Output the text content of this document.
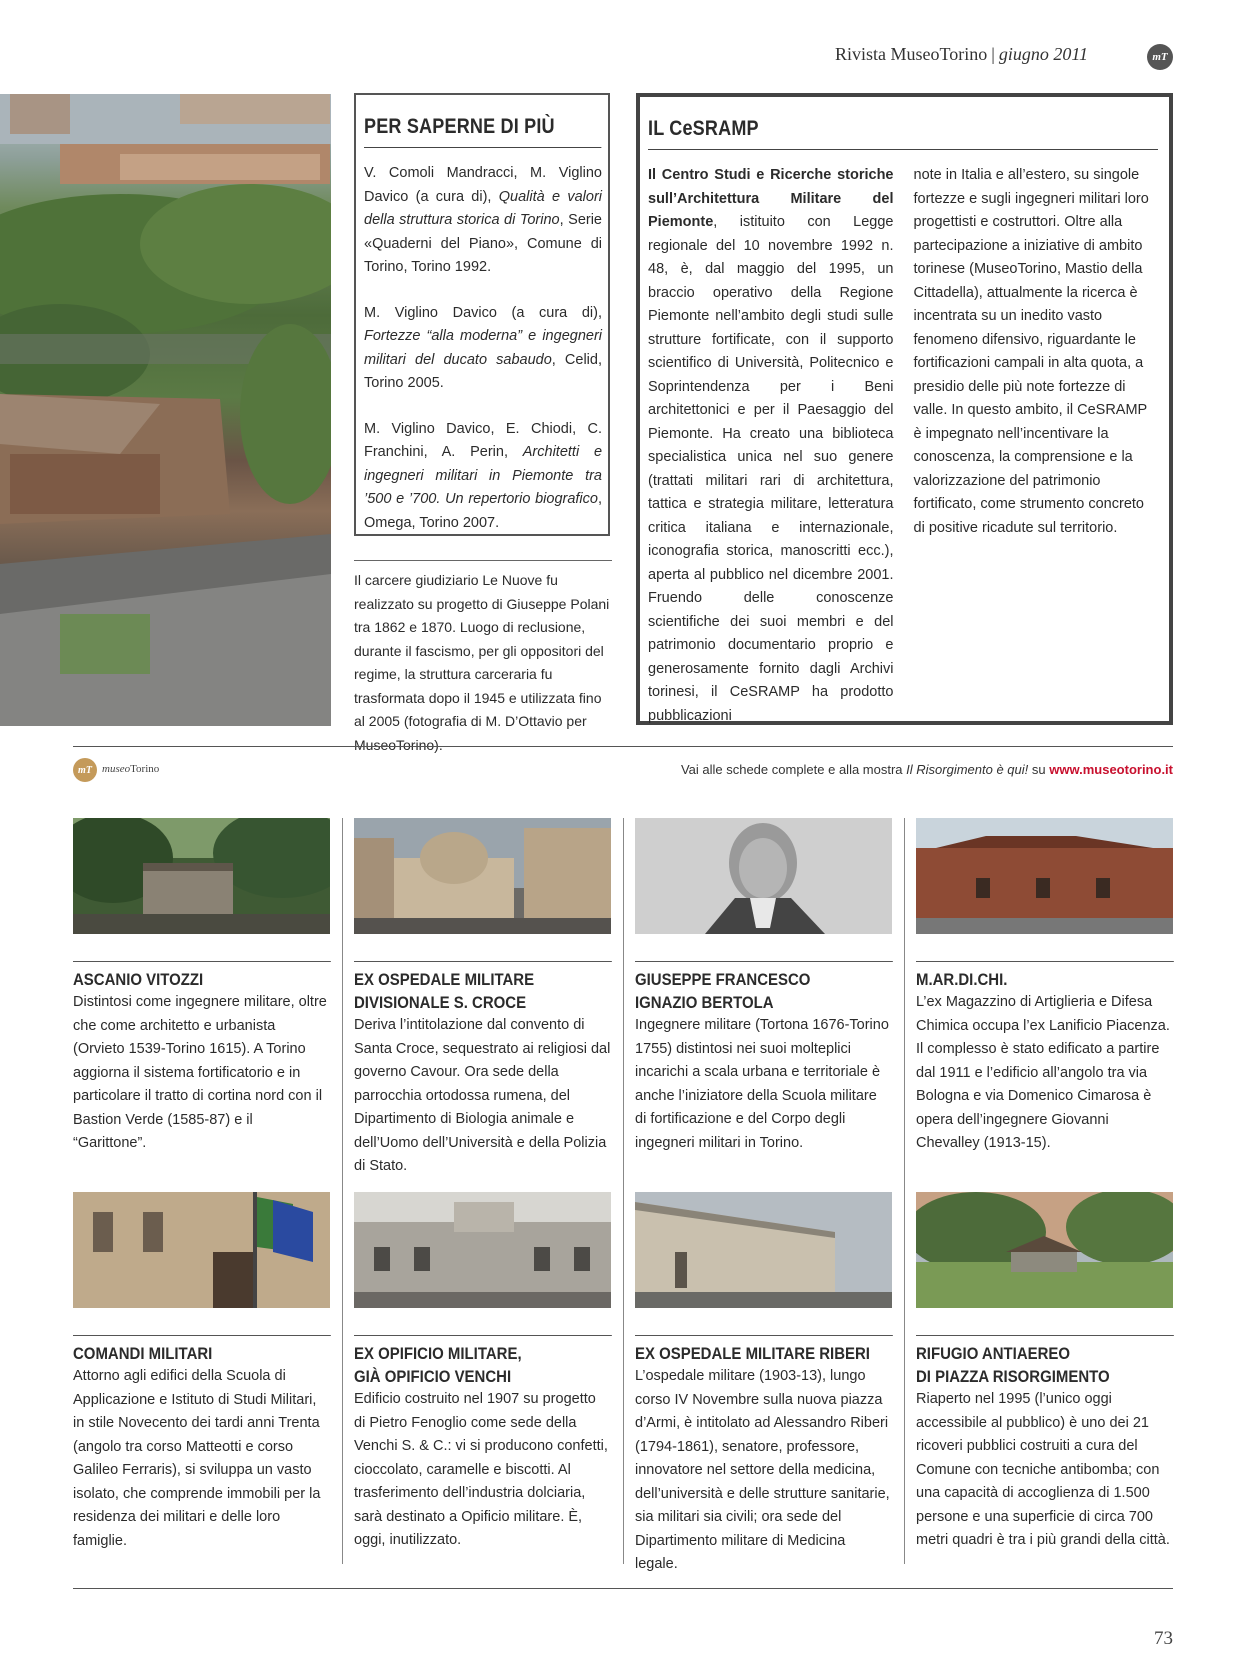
Rivista MuseoTorino | giugno 2011	mT
PER SAPERNE DI PIÙ

V. Comoli Mandracci, M. Viglino Davico (a cura di), Qualità e valori della struttura storica di Torino, Serie «Quaderni del Piano», Comune di Torino, Torino 1992.

M. Viglino Davico (a cura di), Fortezze “alla moderna” e ingegneri militari del ducato sabaudo, Celid, Torino 2005.

M. Viglino Davico, E. Chiodi, C. Franchini, A. Perin, Architetti e ingegneri militari in Piemonte tra ’500 e ’700. Un repertorio biografico, Omega, Torino 2007.

Il carcere giudiziario Le Nuove fu realizzato su progetto di Giuseppe Polani tra 1862 e 1870. Luogo di reclusione, durante il fascismo, per gli oppositori del regime, la struttura carceraria fu trasformata dopo il 1945 e utilizzata fino al 2005 (fotografia di M. D’Ottavio per MuseoTorino).
IL CeSRAMP
Il Centro Studi e Ricerche storiche sull’Architettura Militare del Piemonte, istituito con Legge regionale del 10 novembre 1992 n. 48, è, dal maggio del 1995, un braccio operativo della Regione Piemonte nell’ambito degli studi sulle strutture fortificate, con il supporto scientifico di Università, Politecnico e Soprintendenza per i Beni architettonici e per il Paesaggio del Piemonte. Ha creato una biblioteca specialistica unica nel suo genere (trattati militari rari di architettura, tattica e strategia militare, letteratura critica italiana e internazionale, iconografia storica, manoscritti ecc.), aperta al pubblico nel dicembre 2001. Fruendo delle conoscenze scientifiche dei suoi membri e del patrimonio documentario proprio e generosamente fornito dagli Archivi torinesi, il CeSRAMP ha prodotto pubblicazioni
note in Italia e all’estero, su singole fortezze e sugli ingegneri militari loro progettisti e costruttori. Oltre alla partecipazione a iniziative di ambito torinese (MuseoTorino, Mastio della Cittadella), attualmente la ricerca è incentrata su un inedito vasto fenomeno difensivo, riguardante le fortificazioni campali in alta quota, a presidio delle più note fortezze di valle. In questo ambito, il CeSRAMP è impegnato nell’incentivare la conoscenza, la comprensione e la valorizzazione del patrimonio fortificato, come strumento concreto di positive ricadute sul territorio.
mT museoTorino	Vai alle schede complete e alla mostra Il Risorgimento è qui! su www.museotorino.it
ASCANIO VITOZZI
Distintosi come ingegnere militare, oltre che come architetto e urbanista (Orvieto 1539-Torino 1615). A Torino aggiorna il sistema fortificatorio e in particolare il tratto di cortina nord con il Bastion Verde (1585-87) e il “Garittone”.
EX OSPEDALE MILITARE
DIVISIONALE S. CROCE
Deriva l’intitolazione dal convento di Santa Croce, sequestrato ai religiosi dal governo Cavour. Ora sede della parrocchia ortodossa rumena, del Dipartimento di Biologia animale e dell’Uomo dell’Università e della Polizia di Stato.
GIUSEPPE FRANCESCO
IGNAZIO BERTOLA
Ingegnere militare (Tortona 1676-Torino 1755) distintosi nei suoi molteplici incarichi a scala urbana e territoriale è anche l’iniziatore della Scuola militare di fortificazione e del Corpo degli ingegneri militari in Torino.
M.AR.DI.CHI.
L’ex Magazzino di Artiglieria e Difesa Chimica occupa l’ex Lanificio Piacenza. Il complesso è stato edificato a partire dal 1911 e l’edificio all’angolo tra via Bologna e via Domenico Cimarosa è opera dell’ingegnere Giovanni Chevalley (1913-15).
COMANDI MILITARI
Attorno agli edifici della Scuola di Applicazione e Istituto di Studi Militari, in stile Novecento dei tardi anni Trenta (angolo tra corso Matteotti e corso Galileo Ferraris), si sviluppa un vasto isolato, che comprende immobili per la residenza dei militari e delle loro famiglie.
EX OPIFICIO MILITARE,
GIÀ OPIFICIO VENCHI
Edificio costruito nel 1907 su progetto di Pietro Fenoglio come sede della Venchi S. & C.: vi si producono confetti, cioccolato, caramelle e biscotti. Al trasferimento dell’industria dolciaria, sarà destinato a Opificio militare. È, oggi, inutilizzato.
EX OSPEDALE MILITARE RIBERI
L’ospedale militare (1903-13), lungo corso IV Novembre sulla nuova piazza d’Armi, è intitolato ad Alessandro Riberi (1794-1861), senatore, professore, innovatore nel settore della medicina, dell’università e delle strutture sanitarie, sia militari sia civili; ora sede del Dipartimento militare di Medicina legale.
RIFUGIO ANTIAEREO
DI PIAZZA RISORGIMENTO
Riaperto nel 1995 (l’unico oggi accessibile al pubblico) è uno dei 21 ricoveri pubblici costruiti a cura del Comune con tecniche antibomba; con una capacità di accoglienza di 1.500 persone e una superficie di circa 700 metri quadri è tra i più grandi della città.
73
